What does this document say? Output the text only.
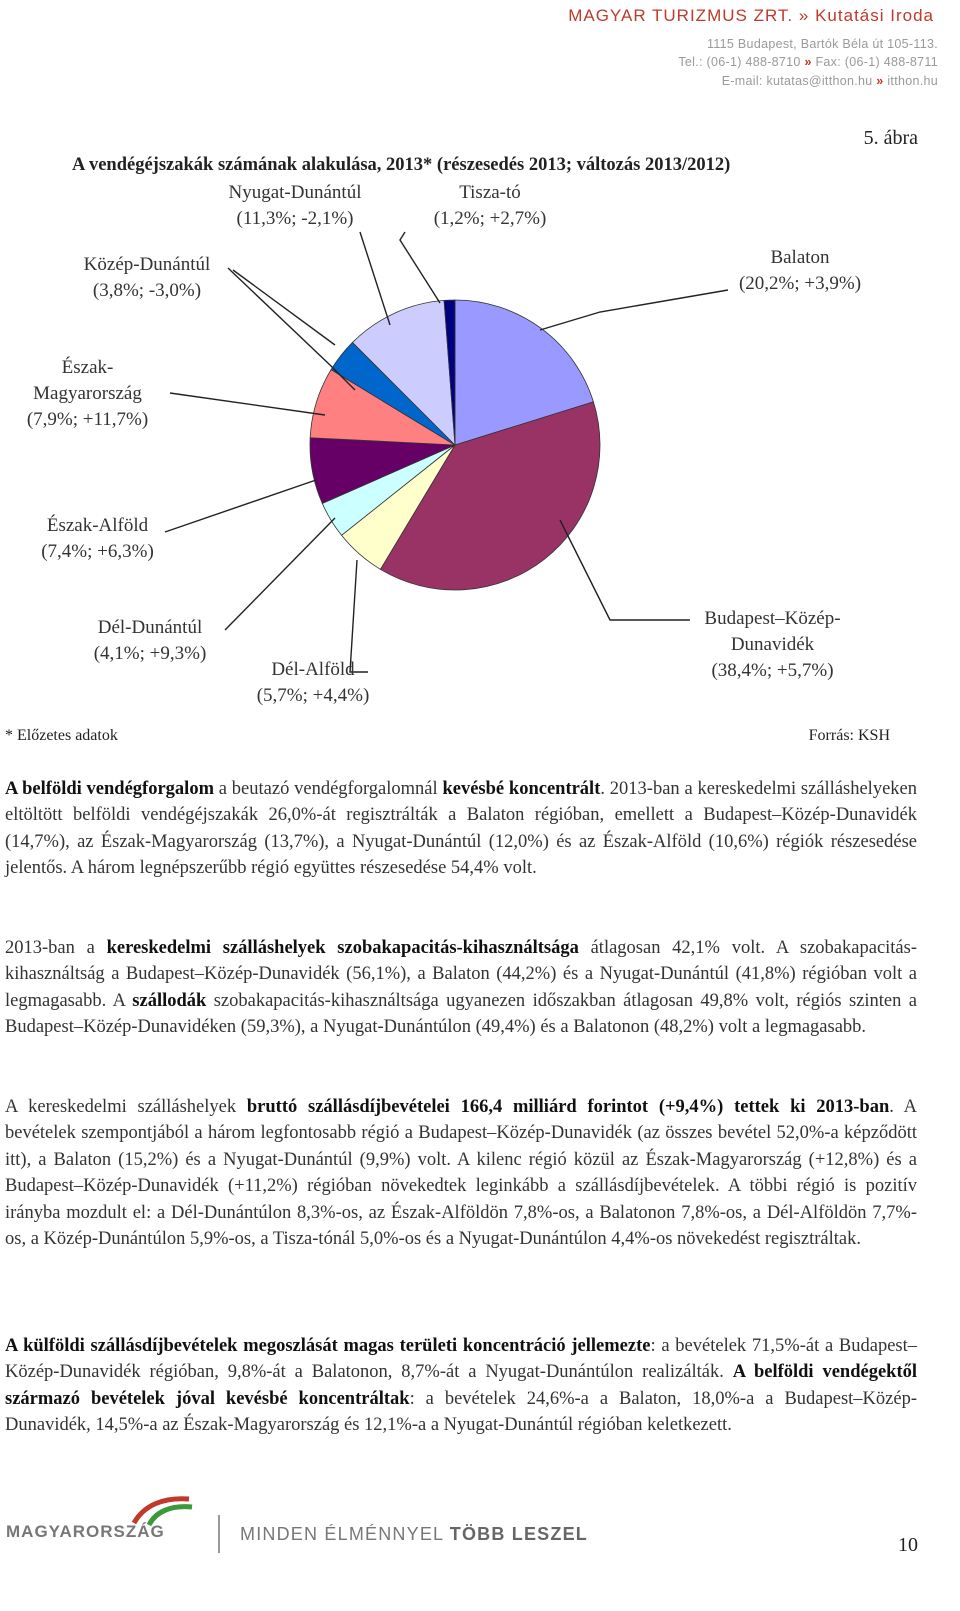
MAGYAR TURIZMUS ZRT. » Kutatási Iroda
1115 Budapest, Bartók Béla út 105-113.
Tel.: (06-1) 488-8710 » Fax: (06-1) 488-8711
E-mail: kutatas@itthon.hu » itthon.hu
5. ábra
A vendégéjszakák számának alakulása, 2013* (részesedés 2013; változás 2013/2012)
Nyugat-Dunántúl
(11,3%; -2,1%)
Tisza-tó
(1,2%; +2,7%)
Közép-Dunántúl
(3,8%; -3,0%)
Balaton
(20,2%; +3,9%)
Észak-
Magyarország
(7,9%; +11,7%)
Észak-Alföld
(7,4%; +6,3%)
Dél-Dunántúl
(4,1%; +9,3%)
Dél-Alföld
(5,7%; +4,4%)
Budapest–Közép-
Dunavidék
(38,4%; +5,7%)
* Előzetes adatok	Forrás: KSH

A belföldi vendégforgalom a beutazó vendégforgalomnál kevésbé koncentrált. 2013-ban a kereskedelmi szálláshelyeken eltöltött belföldi vendégéjszakák 26,0%-át regisztrálták a Balaton régióban, emellett a Budapest–Közép-Dunavidék (14,7%), az Észak-Magyarország (13,7%), a Nyugat-Dunántúl (12,0%) és az Észak-Alföld (10,6%) régiók részesedése jelentős. A három legnépszerűbb régió együttes részesedése 54,4% volt.

2013-ban a kereskedelmi szálláshelyek szobakapacitás-kihasználtsága átlagosan 42,1% volt. A szobakapacitás-kihasználtság a Budapest–Közép-Dunavidék (56,1%), a Balaton (44,2%) és a Nyugat-Dunántúl (41,8%) régióban volt a legmagasabb. A szállodák szobakapacitás-kihasználtsága ugyanezen időszakban átlagosan 49,8% volt, régiós szinten a Budapest–Közép-Dunavidéken (59,3%), a Nyugat-Dunántúlon (49,4%) és a Balatonon (48,2%) volt a legmagasabb.

A kereskedelmi szálláshelyek bruttó szállásdíjbevételei 166,4 milliárd forintot (+9,4%) tettek ki 2013-ban. A bevételek szempontjából a három legfontosabb régió a Budapest–Közép-Dunavidék (az összes bevétel 52,0%-a képződött itt), a Balaton (15,2%) és a Nyugat-Dunántúl (9,9%) volt. A kilenc régió közül az Észak-Magyarország (+12,8%) és a Budapest–Közép-Dunavidék (+11,2%) régióban növekedtek leginkább a szállásdíjbevételek. A többi régió is pozitív irányba mozdult el: a Dél-Dunántúlon 8,3%-os, az Észak-Alföldön 7,8%-os, a Balatonon 7,8%-os, a Dél-Alföldön 7,7%-os, a Közép-Dunántúlon 5,9%-os, a Tisza-tónál 5,0%-os és a Nyugat-Dunántúlon 4,4%-os növekedést regisztráltak.

A külföldi szállásdíjbevételek megoszlását magas területi koncentráció jellemezte: a bevételek 71,5%-át a Budapest–Közép-Dunavidék régióban, 9,8%-át a Balatonon, 8,7%-át a Nyugat-Dunántúlon realizálták. A belföldi vendégektől származó bevételek jóval kevésbé koncentráltak: a bevételek 24,6%-a a Balaton, 18,0%-a a Budapest–Közép-Dunavidék, 14,5%-a az Észak-Magyarország és 12,1%-a a Nyugat-Dunántúl régióban keletkezett.

MAGYARORSZÁG	MINDEN ÉLMÉNNYEL TÖBB LESZEL	10
